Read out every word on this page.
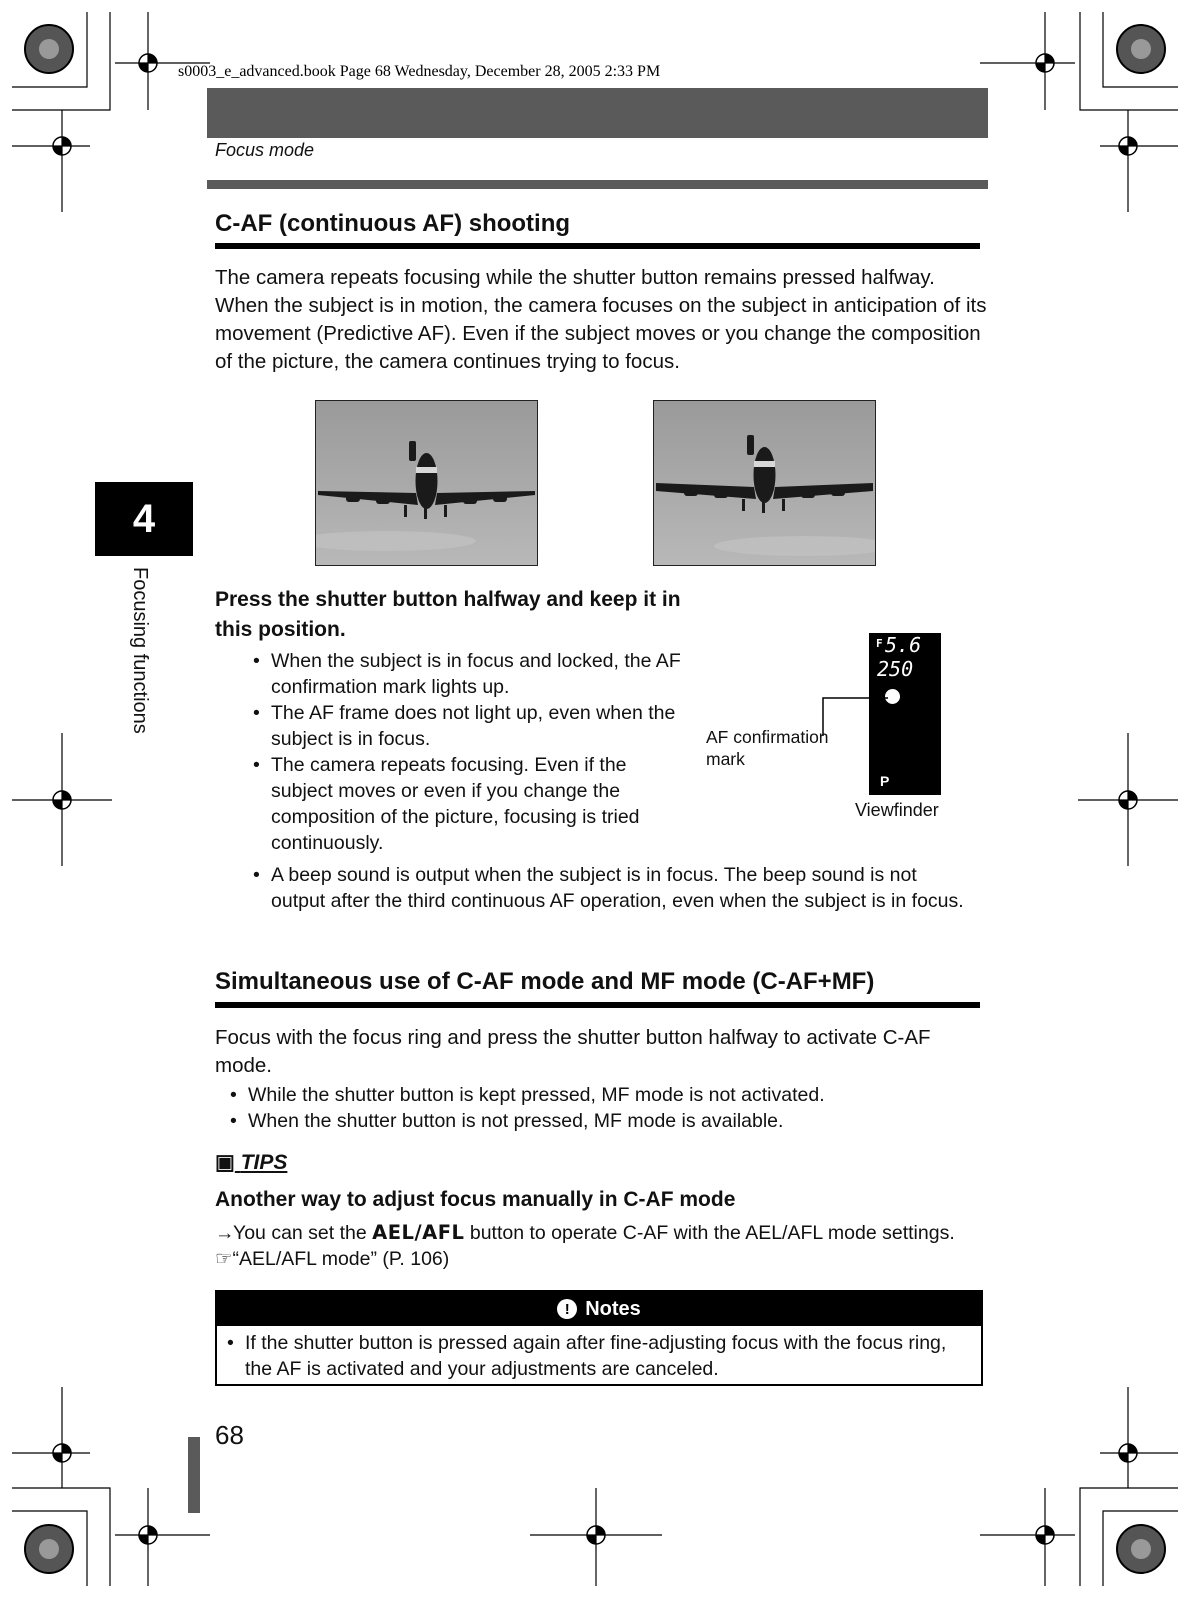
s0003_e_advanced.book Page 68 Wednesday, December 28, 2005 2:33 PM
Focus mode
4
Focusing functions
C-AF (continuous AF) shooting
The camera repeats focusing while the shutter button remains pressed halfway. When the subject is in motion, the camera focuses on the subject in anticipation of its movement (Predictive AF). Even if the subject moves or you change the composition of the picture, the camera continues trying to focus.
Press the shutter button halfway and keep it in this position.
• When the subject is in focus and locked, the AF confirmation mark lights up.
• The AF frame does not light up, even when the subject is in focus.
• The camera repeats focusing. Even if the subject moves or even if you change the composition of the picture, focusing is tried continuously.
• A beep sound is output when the subject is in focus. The beep sound is not output after the third continuous AF operation, even when the subject is in focus.
F 5.6
250
P
AF confirmation mark
Viewfinder
Simultaneous use of C-AF mode and MF mode (C-AF+MF)
Focus with the focus ring and press the shutter button halfway to activate C-AF mode.
• While the shutter button is kept pressed, MF mode is not activated.
• When the shutter button is not pressed, MF mode is available.
▣ TIPS
Another way to adjust focus manually in C-AF mode
→You can set the AEL/AFL button to operate C-AF with the AEL/AFL mode settings. ☞“AEL/AFL mode” (P. 106)
! Notes
• If the shutter button is pressed again after fine-adjusting focus with the focus ring, the AF is activated and your adjustments are canceled.
68
